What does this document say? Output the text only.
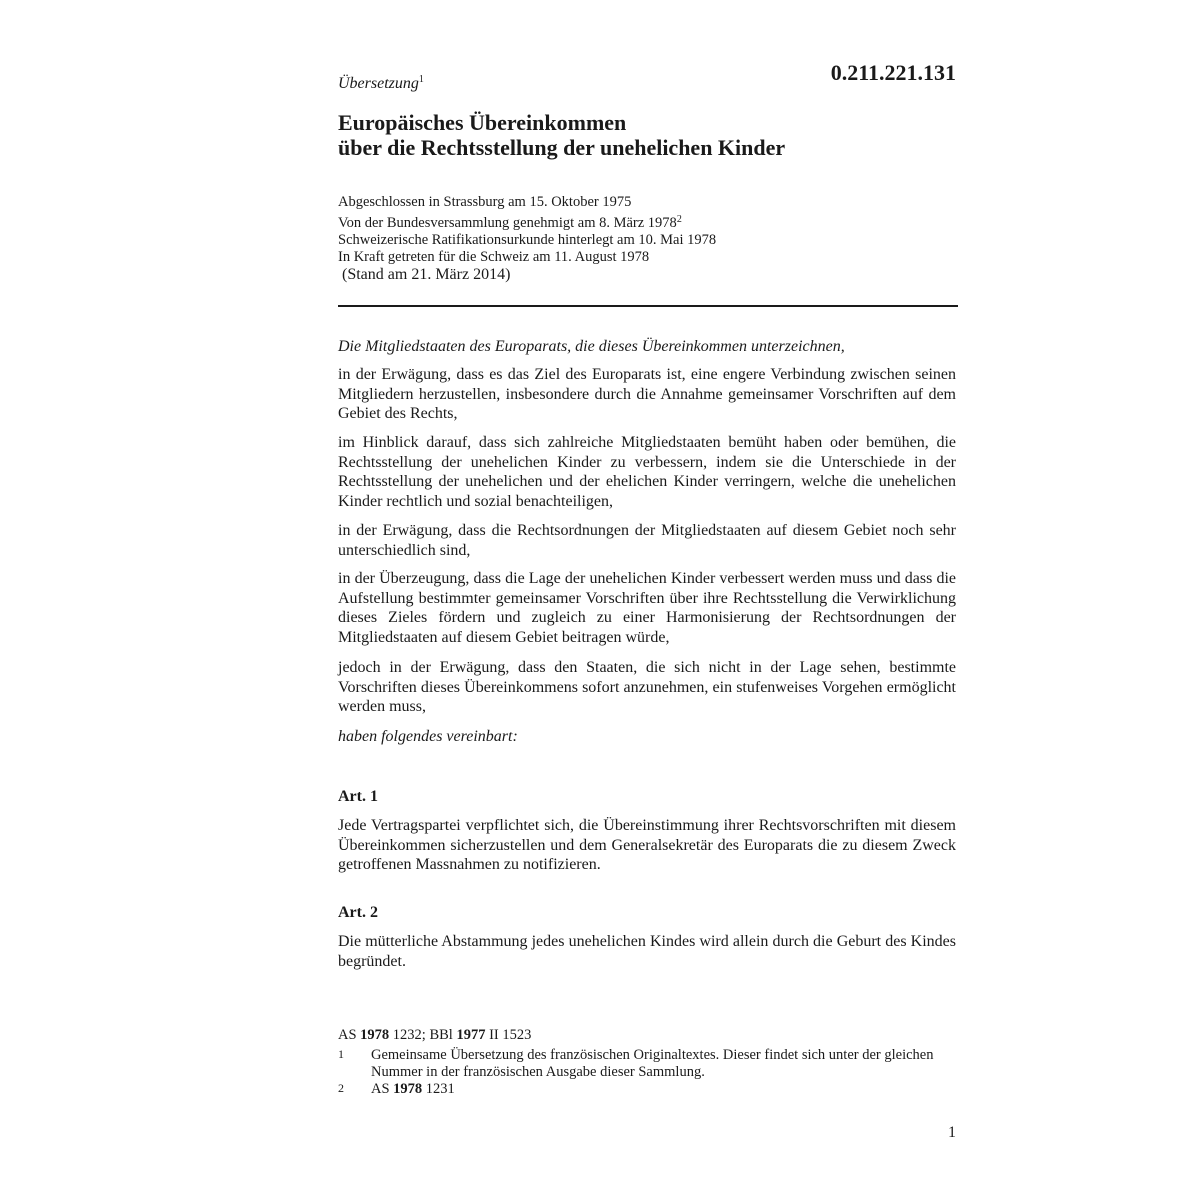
0.211.221.131
Übersetzung$^1$
Europäisches Übereinkommen
über die Rechtsstellung der unehelichen Kinder
Abgeschlossen in Strassburg am 15. Oktober 1975
Von der Bundesversammlung genehmigt am 8. März 1978$^2$
Schweizerische Ratifikationsurkunde hinterlegt am 10. Mai 1978
In Kraft getreten für die Schweiz am 11. August 1978
(Stand am 21. März 2014)
Die Mitgliedstaaten des Europarats, die dieses Übereinkommen unterzeichnen,
in der Erwägung, dass es das Ziel des Europarats ist, eine engere Verbindung zwischen seinen Mitgliedern herzustellen, insbesondere durch die Annahme gemeinsamer Vorschriften auf dem Gebiet des Rechts,
im Hinblick darauf, dass sich zahlreiche Mitgliedstaaten bemüht haben oder bemühen, die Rechtsstellung der unehelichen Kinder zu verbessern, indem sie die Unterschiede in der Rechtsstellung der unehelichen und der ehelichen Kinder verringern, welche die unehelichen Kinder rechtlich und sozial benachteiligen,
in der Erwägung, dass die Rechtsordnungen der Mitgliedstaaten auf diesem Gebiet noch sehr unterschiedlich sind,
in der Überzeugung, dass die Lage der unehelichen Kinder verbessert werden muss und dass die Aufstellung bestimmter gemeinsamer Vorschriften über ihre Rechtsstellung die Verwirklichung dieses Zieles fördern und zugleich zu einer Harmonisierung der Rechtsordnungen der Mitgliedstaaten auf diesem Gebiet beitragen würde,
jedoch in der Erwägung, dass den Staaten, die sich nicht in der Lage sehen, bestimmte Vorschriften dieses Übereinkommens sofort anzunehmen, ein stufenweises Vorgehen ermöglicht werden muss,
haben folgendes vereinbart:
Art. 1
Jede Vertragspartei verpflichtet sich, die Übereinstimmung ihrer Rechtsvorschriften mit diesem Übereinkommen sicherzustellen und dem Generalsekretär des Europarats die zu diesem Zweck getroffenen Massnahmen zu notifizieren.
Art. 2
Die mütterliche Abstammung jedes unehelichen Kindes wird allein durch die Geburt des Kindes begründet.
AS 1978 1232; BBl 1977 II 1523
1 Gemeinsame Übersetzung des französischen Originaltextes. Dieser findet sich unter der gleichen Nummer in der französischen Ausgabe dieser Sammlung.
2 AS 1978 1231
1
